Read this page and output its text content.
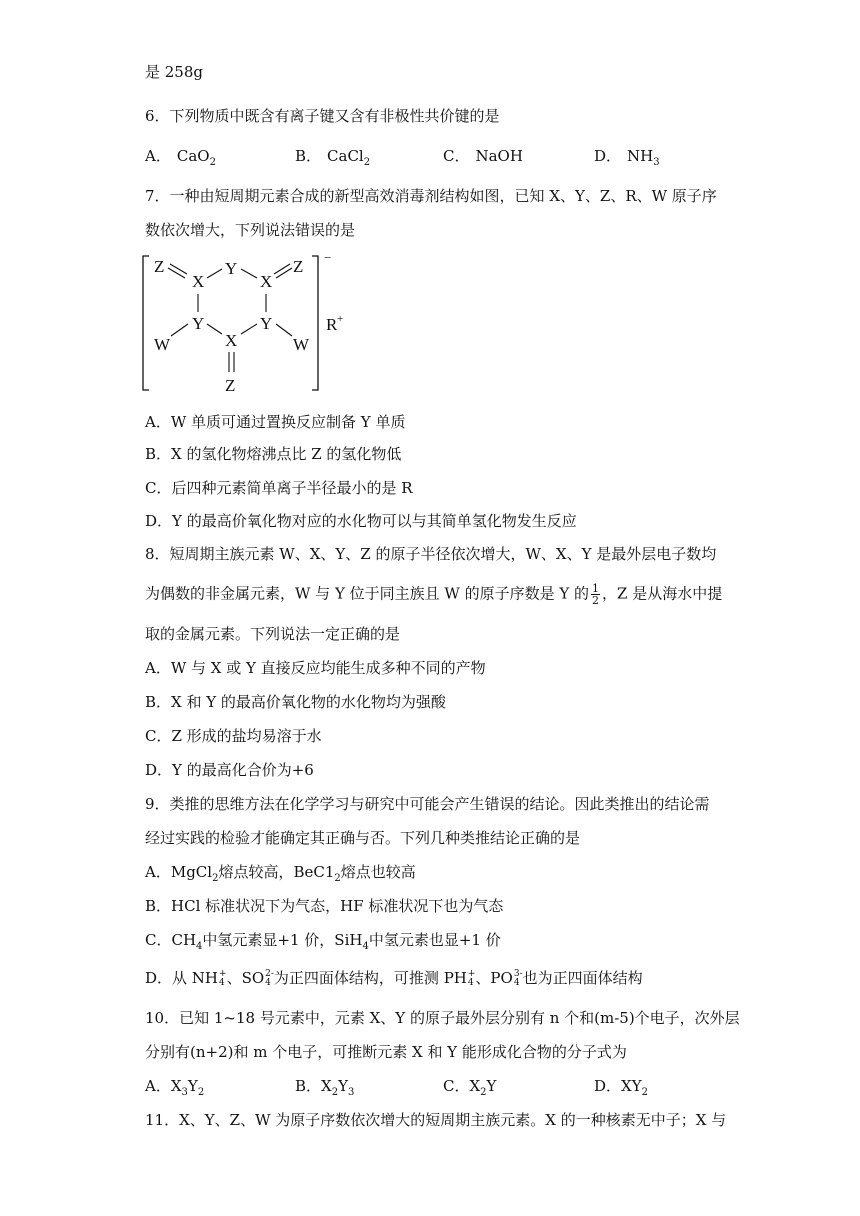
是 258g
6．下列物质中既含有离子键又含有非极性共价键的是
A． CaO$_2$	B． CaCl$_2$	C． NaOH	D． $NH_3$
7．一种由短周期元素合成的新型高效消毒剂结构如图，已知 X、Y、Z、R、W 原子序
数依次增大，下列说法错误的是
−
Z
X
Y
X
Z
Y	Y
X
W	W
Z
R +
A．W 单质可通过置换反应制备 Y 单质
B．X 的氢化物熔沸点比 Z 的氢化物低
C．后四种元素简单离子半径最小的是 R
D．Y 的最高价氧化物对应的水化物可以与其简单氢化物发生反应
8．短周期主族元素 W、X、Y、Z 的原子半径依次增大，W、X、Y 是最外层电子数均
为偶数的非金属元素，W 与 Y 位于同主族且 W 的原子序数是 Y 的 $\frac{1}{2}$ ，Z 是从海水中提
取的金属元素。下列说法一定正确的是
A．W 与 X 或 Y 直接反应均能生成多种不同的产物
B．X 和 Y 的最高价氧化物的水化物均为强酸
C．Z 形成的盐均易溶于水
D．Y 的最高化合价为+6
9．类推的思维方法在化学学习与研究中可能会产生错误的结论。因此类推出的结论需
经过实践的检验才能确定其正确与否。下列几种类推结论正确的是
A．MgCl$_2$熔点较高，$BeC1_2$熔点也较高
B．HCl 标准状况下为气态，HF 标准状况下也为气态
C．$CH_4$中氢元素显+1 价，SiH$_4$中氢元素也显+1 价
D．从 NH +
4 、SO 2-
4 为正四面体结构，可推测 PH +
4 、PO 3-
4 也为正四面体结构
10．已知 1~18 号元素中，元素 X、Y 的原子最外层分别有 n 个和(m-5)个电子，次外层
分别有(n+2)和 m 个电子，可推断元素 X 和 Y 能形成化合物的分子式为
A．$X_3Y_2$	B．$X_2Y_3$	C．$X_2Y$	D．$XY_2$
11．X、Y、Z、W 为原子序数依次增大的短周期主族元素。X 的一种核素无中子；X 与
